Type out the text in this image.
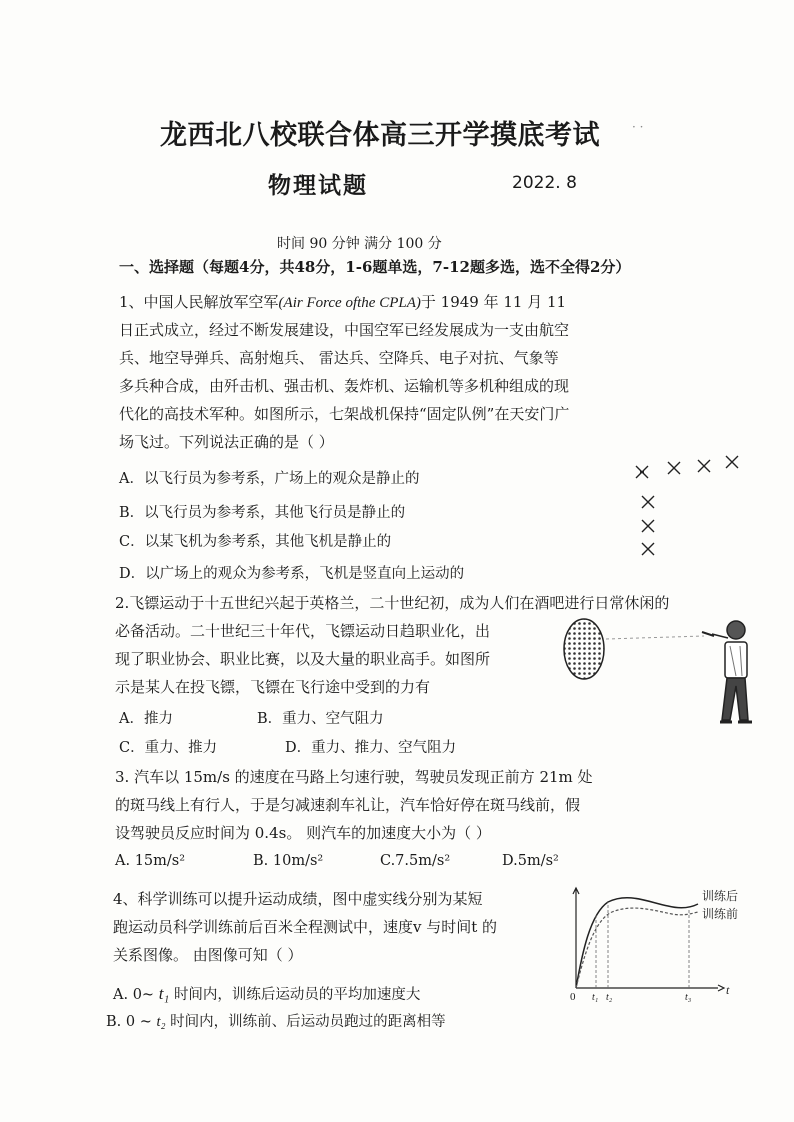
龙西北八校联合体高三开学摸底考试	· ·
物理试题	2022. 8
时间 90 分钟 满分 100 分
一、选择题（每题4分，共48分，1-6题单选，7-12题多选，选不全得2分）
1、中国人民解放军空军(Air Force ofthe CPLA)于 1949 年 11 月 11
日正式成立，经过不断发展建设，中国空军已经发展成为一支由航空
兵、地空导弹兵、高射炮兵、 雷达兵、空降兵、电子对抗、气象等
多兵种合成，由歼击机、强击机、轰炸机、运输机等多机种组成的现
代化的高技术军种。如图所示，七架战机保持“固定队例”在天安门广
场飞过。下列说法正确的是（ ）
A．以飞行员为参考系，广场上的观众是静止的
B．以飞行员为参考系，其他飞行员是静止的
C．以某飞机为参考系，其他飞机是静止的
D．以广场上的观众为参考系，飞机是竖直向上运动的
2.飞镖运动于十五世纪兴起于英格兰，二十世纪初，成为人们在酒吧进行日常休闲的
必备活动。二十世纪三十年代，飞镖运动日趋职业化，出
现了职业协会、职业比赛，以及大量的职业高手。如图所
示是某人在投飞镖，飞镖在飞行途中受到的力有
A．推力	B．重力、空气阻力
C．重力、推力	D．重力、推力、空气阻力
3. 汽车以 15m/s 的速度在马路上匀速行驶，驾驶员发现正前方 21m 处
的斑马线上有行人，于是匀减速刹车礼让，汽车恰好停在斑马线前，假
设驾驶员反应时间为 0.4s。 则汽车的加速度大小为（ ）
A. 15m/s²	B. 10m/s²	C.7.5m/s²	D.5m/s²
4、科学训练可以提升运动成绩，图中虚实线分别为某短
跑运动员科学训练前后百米全程测试中，速度v 与时间t 的
关系图像。 由图像可知（ ）
A. 0~ t₁ 时间内，训练后运动员的平均加速度大
B. 0 ~ t₂ 时间内，训练前、后运动员跑过的距离相等
训练后
训练前
0 t₁ t₂	t₃
t
